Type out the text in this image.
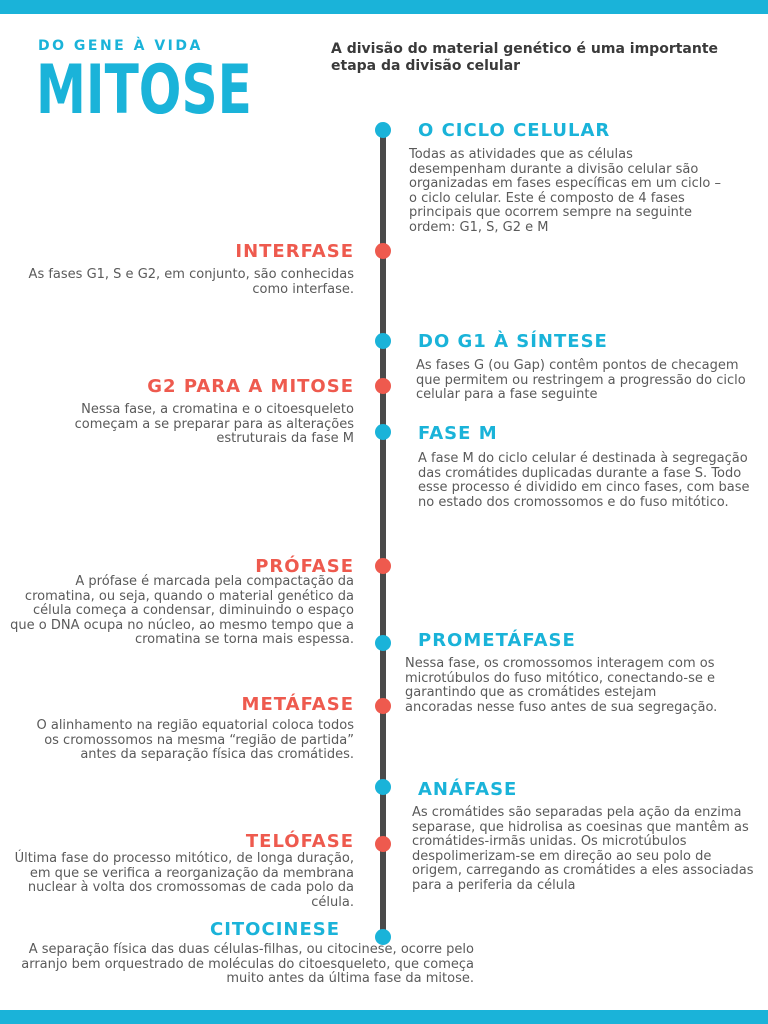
DO GENE À VIDA
MITOSE
A divisão do material genético é uma importante etapa da divisão celular
O CICLO CELULAR
Todas as atividades que as células desempenham durante a divisão celular são organizadas em fases específicas em um ciclo – o ciclo celular. Este é composto de 4 fases principais que ocorrem sempre na seguinte ordem: G1, S, G2 e M
INTERFASE
As fases G1, S e G2, em conjunto, são conhecidas como interfase.
DO G1 À SÍNTESE
As fases G (ou Gap) contêm pontos de checagem que permitem ou restringem a progressão do ciclo celular para a fase seguinte
G2 PARA A MITOSE
Nessa fase, a cromatina e o citoesqueleto começam a se preparar para as alterações estruturais da fase M	FASE M
A fase M do ciclo celular é destinada à segregação das cromátides duplicadas durante a fase S. Todo esse processo é dividido em cinco fases, com base no estado dos cromossomos e do fuso mitótico.
PRÓFASE
A prófase é marcada pela compactação da cromatina, ou seja, quando o material genético da célula começa a condensar, diminuindo o espaço que o DNA ocupa no núcleo, ao mesmo tempo que a cromatina se torna mais espessa.	PROMETÁFASE
Nessa fase, os cromossomos interagem com os microtúbulos do fuso mitótico, conectando-se e garantindo que as cromátides estejam ancoradas nesse fuso antes de sua segregação.
METÁFASE
O alinhamento na região equatorial coloca todos os cromossomos na mesma “região de partida” antes da separação física das cromátides.
ANÁFASE
As cromátides são separadas pela ação da enzima separase, que hidrolisa as coesinas que mantêm as cromátides-irmãs unidas. Os microtúbulos despolimerizam-se em direção ao seu polo de origem, carregando as cromátides a eles associadas para a periferia da célula
TELÓFASE
Última fase do processo mitótico, de longa duração, em que se verifica a reorganização da membrana nuclear à volta dos cromossomas de cada polo da célula.
CITOCINESE
A separação física das duas células-filhas, ou citocinese, ocorre pelo arranjo bem orquestrado de moléculas do citoesqueleto, que começa muito antes da última fase da mitose.
